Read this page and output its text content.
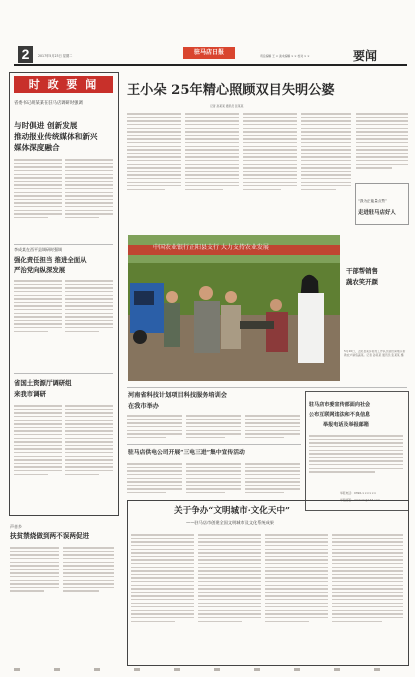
2	2017年5月23日 星期二	驻马店日报	责任编辑 王 × 美术编辑 × × 校对 × ×	要闻
时 政 要 闻
省委书记胡某某在驻马店调研时强调
与时俱进 创新发展
推动报业传统媒体和新兴
媒体深度融合
李成某在西平县调研时强调
强化责任担当 推进全面从
严治党向纵深发展
省国土资源厅调研组
来我市调研
声音乡
扶贫禁烧做到两不误两促进
王小朵 25年精心照顾双目失明公婆
记者 孙某某 通讯员 张某某
“我为正能量点赞”
走进驻马店好人
中国农业银行正阳县支行 大力支持农业发展
干部帮销售
蔬农笑开颜
5月20日，正阳县某乡驻村工作队员到田间地头帮助农户销售蔬菜。记者 孙某某 通讯员 张某某 摄
河南省科技计划项目科技服务培训会
在我市举办
驻马店供电公司开展“三电三进”集中宣传活动
驻马店市委宣传部面向社会
公布互联网违法和不良信息
举报电话及举报邮箱
举报电话：0396-××××××
举报邮箱：zmdxxb@163.com
关于争办“文明城市·文化天中”
——驻马店市创建全国文明城市及文化系统成果
